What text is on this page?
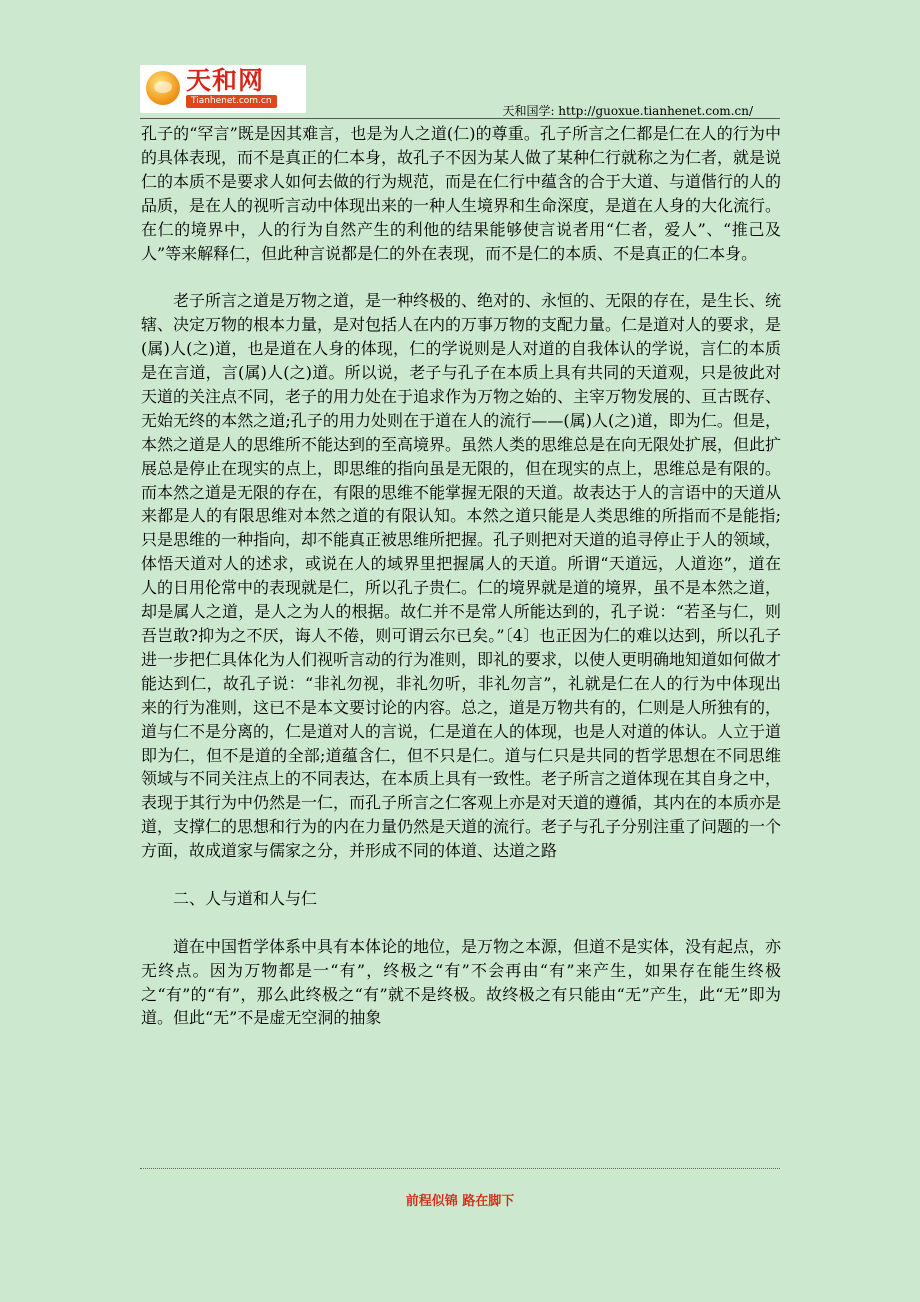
天和网
Tianhenet.com.cn
天和国学: http://guoxue.tianhenet.com.cn/

孔子的“罕言”既是因其难言，也是为人之道(仁)的尊重。孔子所言之仁都是仁在人的行为中的具体表现，而不是真正的仁本身，故孔子不因为某人做了某种仁行就称之为仁者，就是说仁的本质不是要求人如何去做的行为规范，而是在仁行中蕴含的合于大道、与道偕行的人的品质，是在人的视听言动中体现出来的一种人生境界和生命深度，是道在人身的大化流行。在仁的境界中，人的行为自然产生的利他的结果能够使言说者用“仁者，爱人”、“推己及人”等来解释仁，但此种言说都是仁的外在表现，而不是仁的本质、不是真正的仁本身。

老子所言之道是万物之道，是一种终极的、绝对的、永恒的、无限的存在，是生长、统辖、决定万物的根本力量，是对包括人在内的万事万物的支配力量。仁是道对人的要求，是(属)人(之)道，也是道在人身的体现，仁的学说则是人对道的自我体认的学说，言仁的本质是在言道，言(属)人(之)道。所以说，老子与孔子在本质上具有共同的天道观，只是彼此对天道的关注点不同，老子的用力处在于追求作为万物之始的、主宰万物发展的、亘古既存、无始无终的本然之道;孔子的用力处则在于道在人的流行——(属)人(之)道，即为仁。但是，本然之道是人的思维所不能达到的至高境界。虽然人类的思维总是在向无限处扩展，但此扩展总是停止在现实的点上，即思维的指向虽是无限的，但在现实的点上，思维总是有限的。而本然之道是无限的存在，有限的思维不能掌握无限的天道。故表达于人的言语中的天道从来都是人的有限思维对本然之道的有限认知。本然之道只能是人类思维的所指而不是能指;只是思维的一种指向，却不能真正被思维所把握。孔子则把对天道的追寻停止于人的领域，体悟天道对人的述求，或说在人的域界里把握属人的天道。所谓“天道远，人道迩”，道在人的日用伦常中的表现就是仁，所以孔子贵仁。仁的境界就是道的境界，虽不是本然之道，却是属人之道，是人之为人的根据。故仁并不是常人所能达到的，孔子说：“若圣与仁，则吾岂敢?抑为之不厌，诲人不倦，则可谓云尔已矣。”〔4〕也正因为仁的难以达到，所以孔子进一步把仁具体化为人们视听言动的行为准则，即礼的要求，以使人更明确地知道如何做才能达到仁，故孔子说：“非礼勿视，非礼勿听，非礼勿言”，礼就是仁在人的行为中体现出来的行为准则，这已不是本文要讨论的内容。总之，道是万物共有的，仁则是人所独有的，道与仁不是分离的，仁是道对人的言说，仁是道在人的体现，也是人对道的体认。人立于道即为仁，但不是道的全部;道蕴含仁，但不只是仁。道与仁只是共同的哲学思想在不同思维领域与不同关注点上的不同表达，在本质上具有一致性。老子所言之道体现在其自身之中，表现于其行为中仍然是一仁，而孔子所言之仁客观上亦是对天道的遵循，其内在的本质亦是道，支撑仁的思想和行为的内在力量仍然是天道的流行。老子与孔子分别注重了问题的一个方面，故成道家与儒家之分，并形成不同的体道、达道之路

二、人与道和人与仁

道在中国哲学体系中具有本体论的地位，是万物之本源，但道不是实体，没有起点，亦无终点。因为万物都是一“有”，终极之“有”不会再由“有”来产生，如果存在能生终极之“有”的“有”，那么此终极之“有”就不是终极。故终极之有只能由“无”产生，此“无”即为道。但此“无”不是虚无空洞的抽象

前程似锦 路在脚下
